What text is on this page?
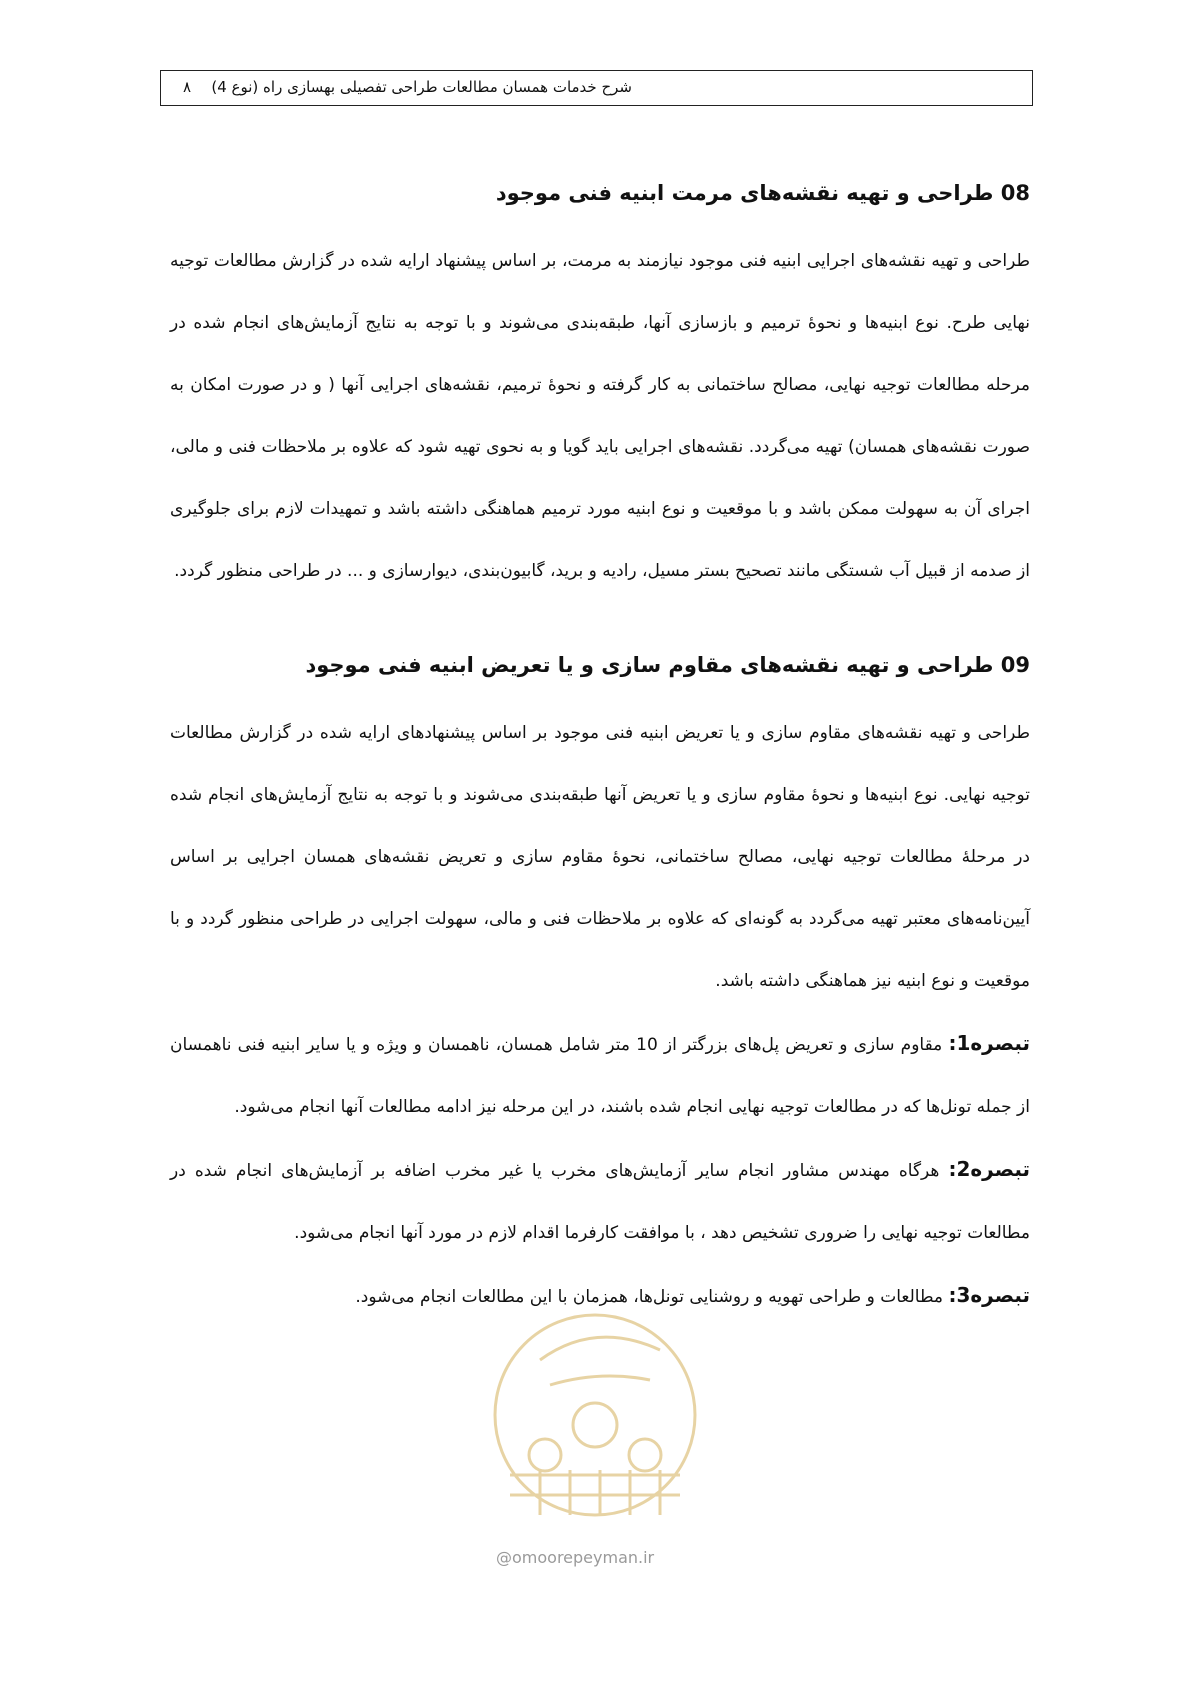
شرح خدمات همسان مطالعات طراحی تفصیلی بهسازی راه (نوع 4)
۸
08 طراحی و تهیه نقشه‌های مرمت ابنیه فنی موجود

طراحی و تهیه نقشه‌های اجرایی ابنیه فنی موجود نیازمند به مرمت، بر اساس پیشنهاد ارایه شده در گزارش مطالعات توجیه نهایی طرح. نوع ابنیه‌ها و نحوهٔ ترمیم و بازسازی آنها، طبقه‌بندی می‌شوند و با توجه به نتایج آزمایش‌های انجام شده در مرحله مطالعات توجیه نهایی، مصالح ساختمانی به کار گرفته و نحوهٔ ترمیم، نقشه‌های اجرایی آنها ( و در صورت امکان به صورت نقشه‌های همسان) تهیه می‌گردد. نقشه‌های اجرایی باید گویا و به نحوی تهیه شود که علاوه بر ملاحظات فنی و مالی، اجرای آن به سهولت ممکن باشد و با موقعیت و نوع ابنیه مورد ترمیم هماهنگی داشته باشد و تمهیدات لازم برای جلوگیری از صدمه از قبیل آب شستگی مانند تصحیح بستر مسیل، رادیه و برید، گابیون‌بندی، دیوارسازی و ... در طراحی منظور گردد.

09 طراحی و تهیه نقشه‌های مقاوم سازی و یا تعریض ابنیه فنی موجود

طراحی و تهیه نقشه‌های مقاوم سازی و یا تعریض ابنیه فنی موجود بر اساس پیشنهادهای ارایه شده در گزارش مطالعات توجیه نهایی. نوع ابنیه‌ها و نحوهٔ مقاوم سازی و یا تعریض آنها طبقه‌بندی می‌شوند و با توجه به نتایج آزمایش‌های انجام شده در مرحلهٔ مطالعات توجیه نهایی، مصالح ساختمانی، نحوهٔ مقاوم سازی و تعریض نقشه‌های همسان اجرایی بر اساس آیین‌نامه‌های معتبر تهیه می‌گردد به گونه‌ای که علاوه بر ملاحظات فنی و مالی، سهولت اجرایی در طراحی منظور گردد و با موقعیت و نوع ابنیه نیز هماهنگی داشته باشد.

تبصره1: مقاوم سازی و تعریض پل‌های بزرگتر از 10 متر شامل همسان، ناهمسان و ویژه و یا سایر ابنیه فنی ناهمسان از جمله تونل‌ها که در مطالعات توجیه نهایی انجام شده باشند، در این مرحله نیز ادامه مطالعات آنها انجام می‌شود.
تبصره2: هرگاه مهندس مشاور انجام سایر آزمایش‌های مخرب یا غیر مخرب اضافه بر آزمایش‌های انجام شده در مطالعات توجیه نهایی را ضروری تشخیص دهد ، با موافقت کارفرما اقدام لازم در مورد آنها انجام می‌شود.
تبصره3: مطالعات و طراحی تهویه و روشنایی تونل‌ها، همزمان با این مطالعات انجام می‌شود.
@omoorepeyman.ir
